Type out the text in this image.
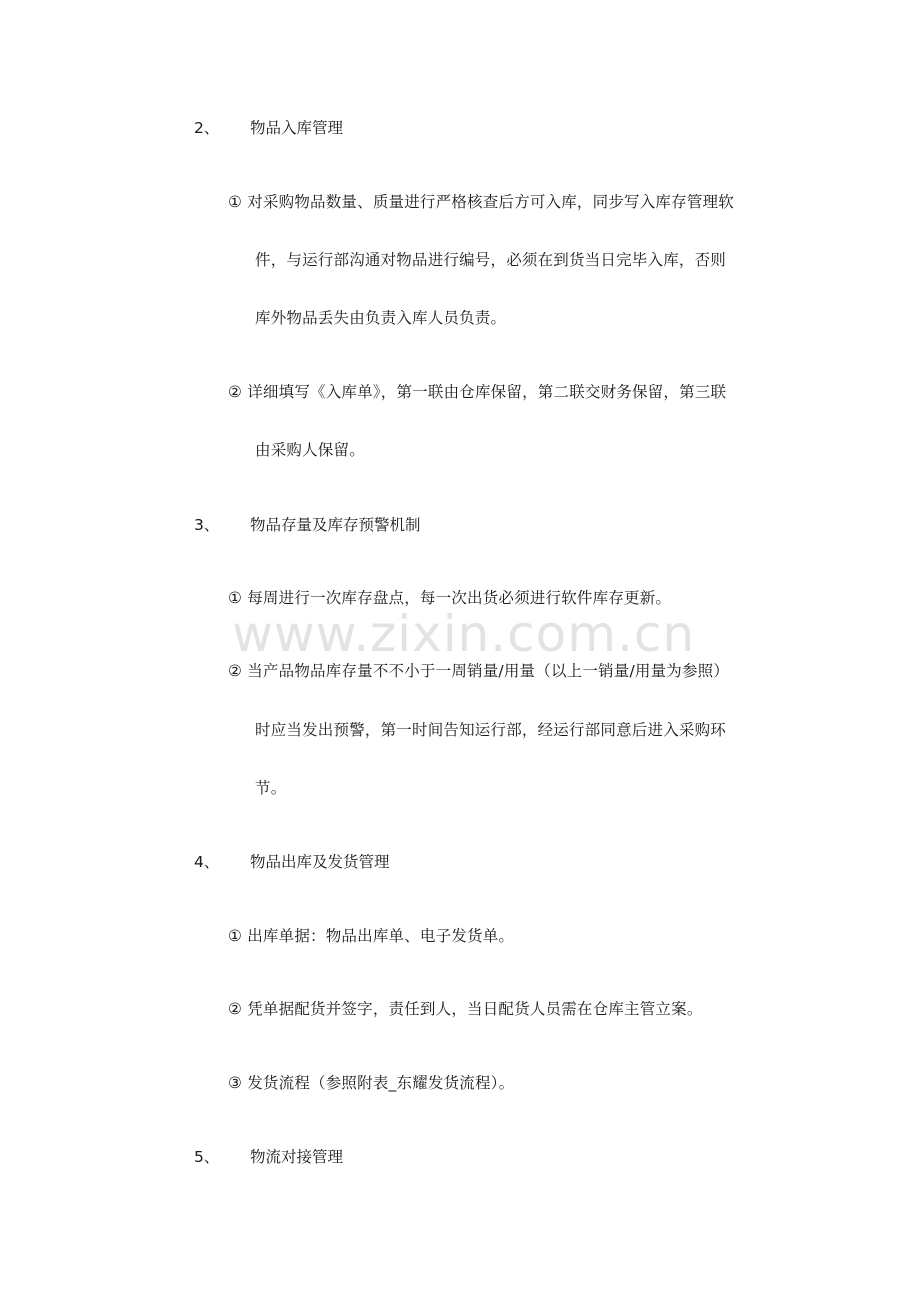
2、 物品入库管理
① 对采购物品数量、质量进行严格核查后方可入库，同步写入库存管理软
件，与运行部沟通对物品进行编号，必须在到货当日完毕入库，否则
库外物品丢失由负责入库人员负责。
② 详细填写《入库单》，第一联由仓库保留，第二联交财务保留，第三联
由采购人保留。
3、 物品存量及库存预警机制
① 每周进行一次库存盘点，每一次出货必须进行软件库存更新。
② 当产品物品库存量不不小于一周销量/用量（以上一销量/用量为参照）
时应当发出预警，第一时间告知运行部，经运行部同意后进入采购环
节。
4、 物品出库及发货管理
① 出库单据：物品出库单、电子发货单。
② 凭单据配货并签字，责任到人，当日配货人员需在仓库主管立案。
③ 发货流程（参照附表_东耀发货流程）。
5、 物流对接管理
www.zixin.com.cn
